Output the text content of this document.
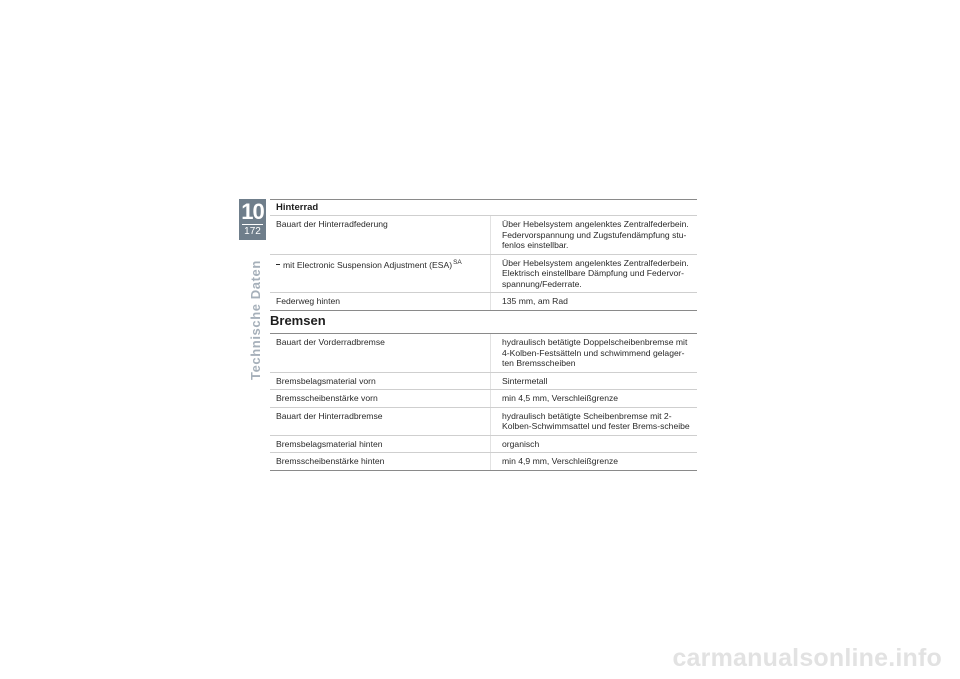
10
172
Technische Daten
Hinterrad
Bauart der Hinterradfederung	Über Hebelsystem angelenktes Zentralfederbein. Federvorspannung und Zugstufendämpfung stu-fenlos einstellbar.
mit Electronic Suspension Adjustment (ESA)$^{SA}$	Über Hebelsystem angelenktes Zentralfederbein. Elektrisch einstellbare Dämpfung und Federvor-spannung/Federrate.
Federweg hinten	135 mm, am Rad
Bremsen
Bauart der Vorderradbremse	hydraulisch betätigte Doppelscheibenbremse mit 4-Kolben-Festsätteln und schwimmend gelager-ten Bremsscheiben
Bremsbelagsmaterial vorn	Sintermetall
Bremsscheibenstärke vorn	min 4,5 mm, Verschleißgrenze
Bauart der Hinterradbremse	hydraulisch betätigte Scheibenbremse mit 2-Kolben-Schwimmsattel und fester Brems-scheibe
Bremsbelagsmaterial hinten	organisch
Bremsscheibenstärke hinten	min 4,9 mm, Verschleißgrenze
carmanualsonline.info
